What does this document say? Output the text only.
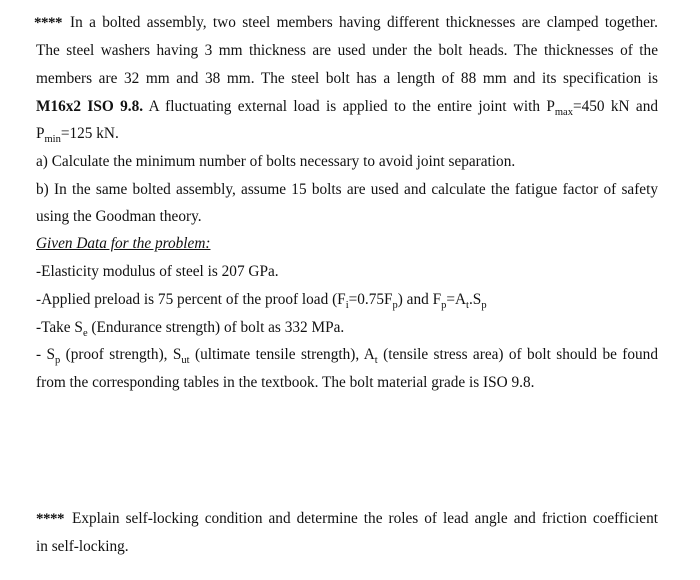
**** In a bolted assembly, two steel members having different thicknesses are clamped together.
The steel washers having 3 mm thickness are used under the bolt heads. The thicknesses of the
members are 32 mm and 38 mm. The steel bolt has a length of 88 mm and its specification is
M16x2 ISO 9.8. A fluctuating external load is applied to the entire joint with $P_{max}=450$ kN and
$P_{min}=125$ kN.
a) Calculate the minimum number of bolts necessary to avoid joint separation.
b) In the same bolted assembly, assume 15 bolts are used and calculate the fatigue factor of safety
using the Goodman theory.
Given Data for the problem:
-Elasticity modulus of steel is 207 GPa.
-Applied preload is 75 percent of the proof load $(F_i=0.75F_p)$ and $F_p=A_t.S_p$
-Take $S_e$ (Endurance strength) of bolt as 332 MPa.
- $S_p$ (proof strength), $S_{ut}$ (ultimate tensile strength), $A_t$ (tensile stress area) of bolt should be found
from the corresponding tables in the textbook. The bolt material grade is ISO 9.8.
**** Explain self-locking condition and determine the roles of lead angle and friction coefficient
in self-locking.
